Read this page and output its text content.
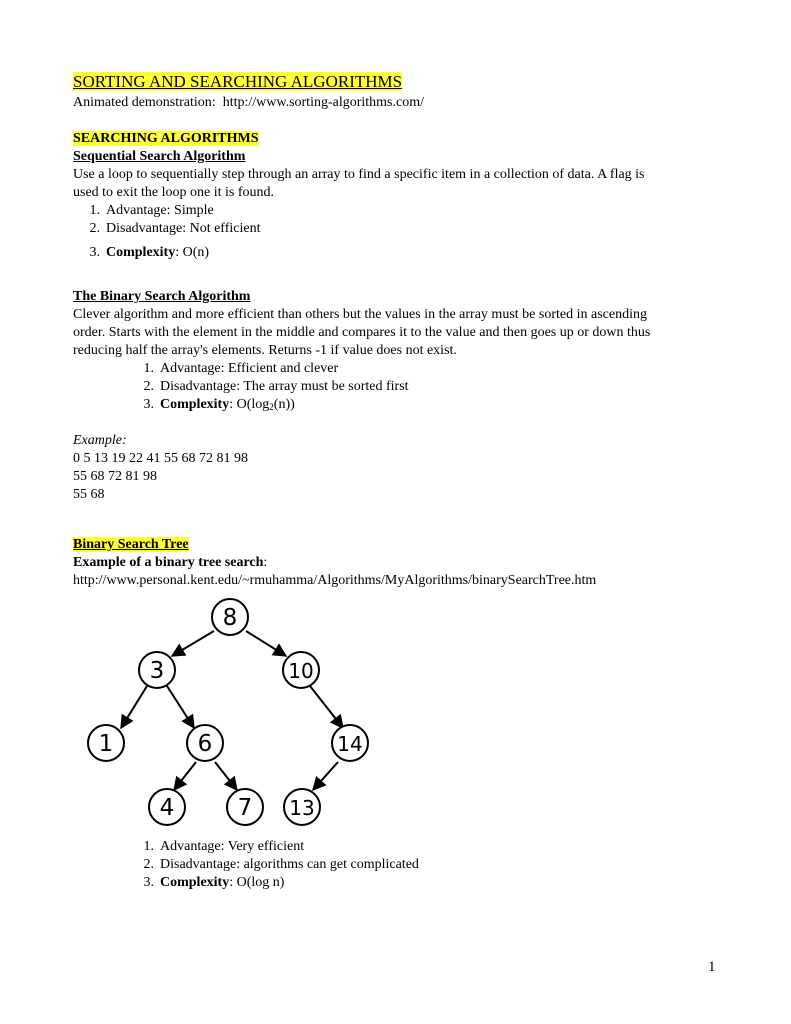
SORTING AND SEARCHING ALGORITHMS
Animated demonstration: http://www.sorting-algorithms.com/
SEARCHING ALGORITHMS
Sequential Search Algorithm
Use a loop to sequentially step through an array to find a specific item in a collection of data. A flag is
used to exit the loop one it is found.
1. Advantage: Simple
2. Disadvantage: Not efficient
3. Complexity: O(n)
The Binary Search Algorithm
Clever algorithm and more efficient than others but the values in the array must be sorted in ascending
order. Starts with the element in the middle and compares it to the value and then goes up or down thus
reducing half the array's elements. Returns -1 if value does not exist.
1. Advantage: Efficient and clever
2. Disadvantage: The array must be sorted first
3. Complexity: $O(\log_2(n))$
Example:
0 5 13 19 22 41 55 68 72 81 98
55 68 72 81 98
55 68
Binary Search Tree
Example of a binary tree search:
http://www.personal.kent.edu/~rmuhamma/Algorithms/MyAlgorithms/binarySearchTree.htm
8
3	10
1	6	14
4	7 13
1. Advantage: Very efficient
2. Disadvantage: algorithms can get complicated
3. Complexity: O(log n)
1
